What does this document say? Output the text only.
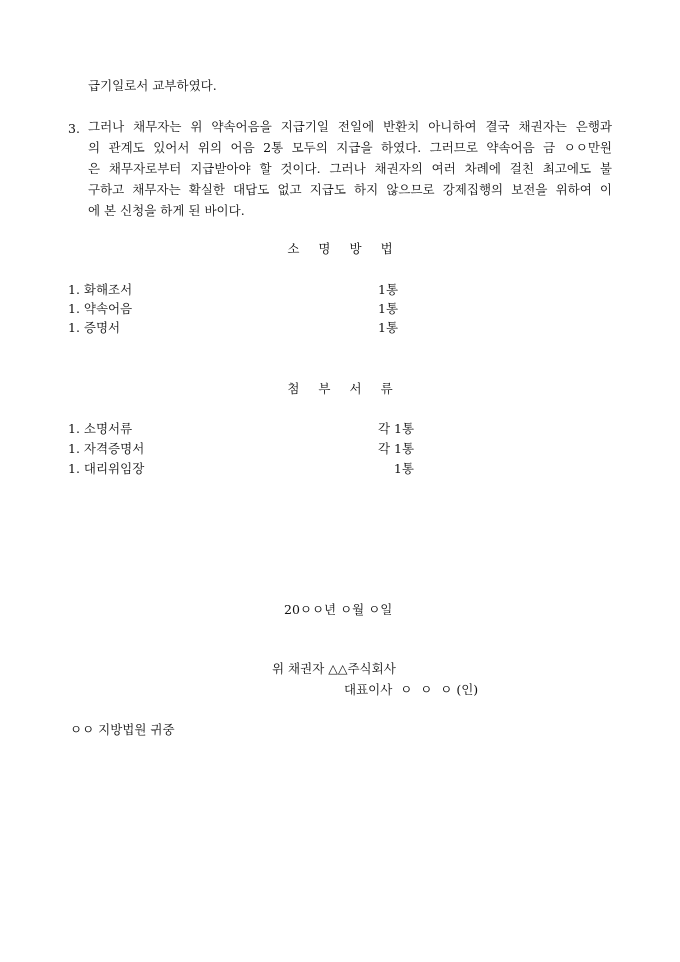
급기일로서 교부하였다.
3. 그러나 채무자는 위 약속어음을 지급기일 전일에 반환치 아니하여 결국 채권자는 은행과
의 관계도 있어서 위의 어음 2통 모두의 지급을 하였다. 그러므로 약속어음 금 ㅇㅇ만원
은 채무자로부터 지급받아야 할 것이다. 그러나 채권자의 여러 차례에 걸친 최고에도 불
구하고 채무자는 확실한 대답도 없고 지급도 하지 않으므로 강제집행의 보전을 위하여 이
에 본 신청을 하게 된 바이다.
소명방법
1. 화해조서	1통
1. 약속어음	1통
1. 증명서	1통
첨부서류
1. 소명서류	각 1통
1. 자격증명서	각 1통
1. 대리위임장	1통
20ㅇㅇ년 ㅇ월 ㅇ일
위 채권자 △△주식회사
대표이사  ㅇ  ㅇ  ㅇ (인)
ㅇㅇ 지방법원 귀중
